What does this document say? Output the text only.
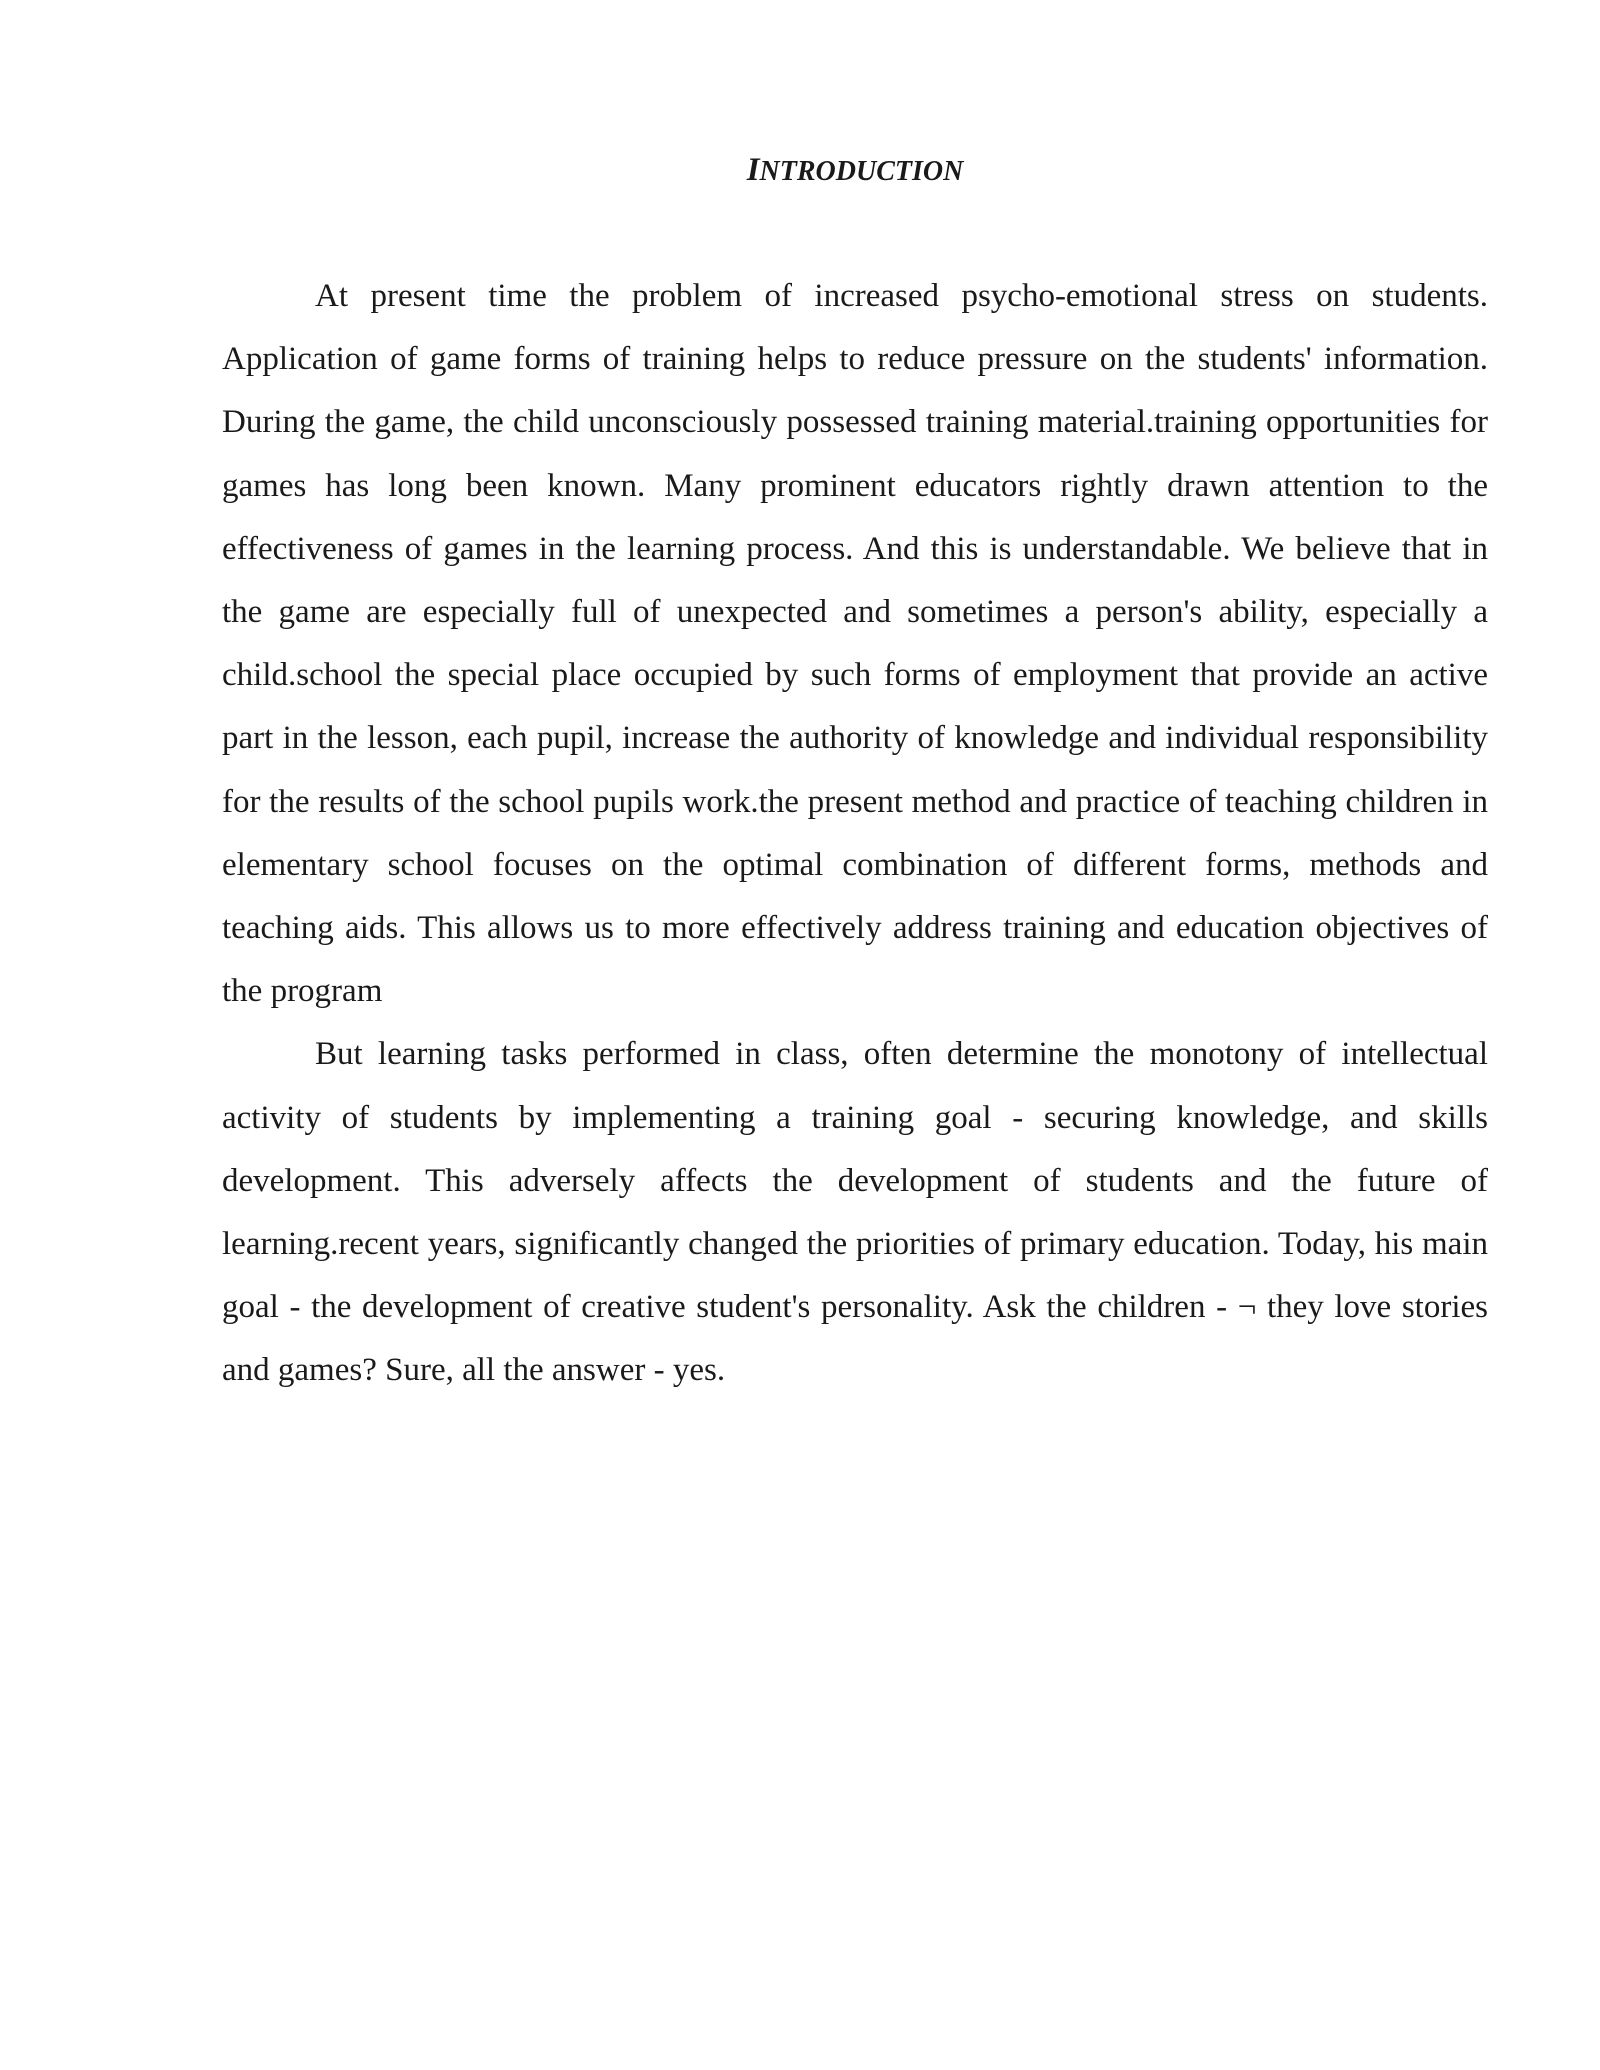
INTRODUCTION

At present time the problem of increased psycho-emotional stress on students. Application of game forms of training helps to reduce pressure on the students' information. During the game, the child unconsciously possessed training material.training opportunities for games has long been known. Many prominent educators rightly drawn attention to the effectiveness of games in the learning process. And this is understandable. We believe that in the game are especially full of unexpected and sometimes a person's ability, especially a child.school the special place occupied by such forms of employment that provide an active part in the lesson, each pupil, increase the authority of knowledge and individual responsibility for the results of the school pupils work.the present method and practice of teaching children in elementary school focuses on the optimal combination of different forms, methods and teaching aids. This allows us to more effectively address training and education objectives of the program

But learning tasks performed in class, often determine the monotony of intellectual activity of students by implementing a training goal - securing knowledge, and skills development. This adversely affects the development of students and the future of learning.recent years, significantly changed the priorities of primary education. Today, his main goal - the development of creative student's personality. Ask the children - ¬ they love stories and games? Sure, all the answer - yes.
